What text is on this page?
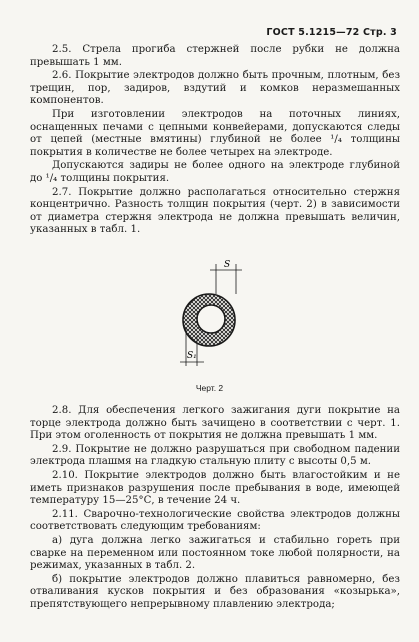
ГОСТ 5.1215—72 Стр. 3

2.5. Стрела прогиба стержней после рубки не должна превышать 1 мм.

2.6. Покрытие электродов должно быть прочным, плотным, без трещин, пор, задиров, вздутий и комков неразмешанных компонентов.

При изготовлении электродов на поточных линиях, оснащенных печами с цепными конвейерами, допускаются следы от цепей (местные вмятины) глубиной не более ¹/₄ толщины покрытия в количестве не более четырех на электроде.

Допускаются задиры не более одного на электроде глубиной до ¹/₄ толщины покрытия.

2.7. Покрытие должно располагаться относительно стержня концентрично. Разность толщин покрытия (черт. 2) в зависимости от диаметра стержня электрода не должна превышать величин, указанных в табл. 1.

S
S₁
Черт. 2

2.8. Для обеспечения легкого зажигания дуги покрытие на торце электрода должно быть зачищено в соответствии с черт. 1. При этом оголенность от покрытия не должна превышать 1 мм.

2.9. Покрытие не должно разрушаться при свободном падении электрода плашмя на гладкую стальную плиту с высоты 0,5 м.

2.10. Покрытие электродов должно быть влагостойким и не иметь признаков разрушения после пребывания в воде, имеющей температуру 15—25°С, в течение 24 ч.

2.11. Сварочно-технологические свойства электродов должны соответствовать следующим требованиям:

а) дуга должна легко зажигаться и стабильно гореть при сварке на переменном или постоянном токе любой полярности, на режимах, указанных в табл. 2.

б) покрытие электродов должно плавиться равномерно, без отваливания кусков покрытия и без образования «козырька», препятствующего непрерывному плавлению электрода;
